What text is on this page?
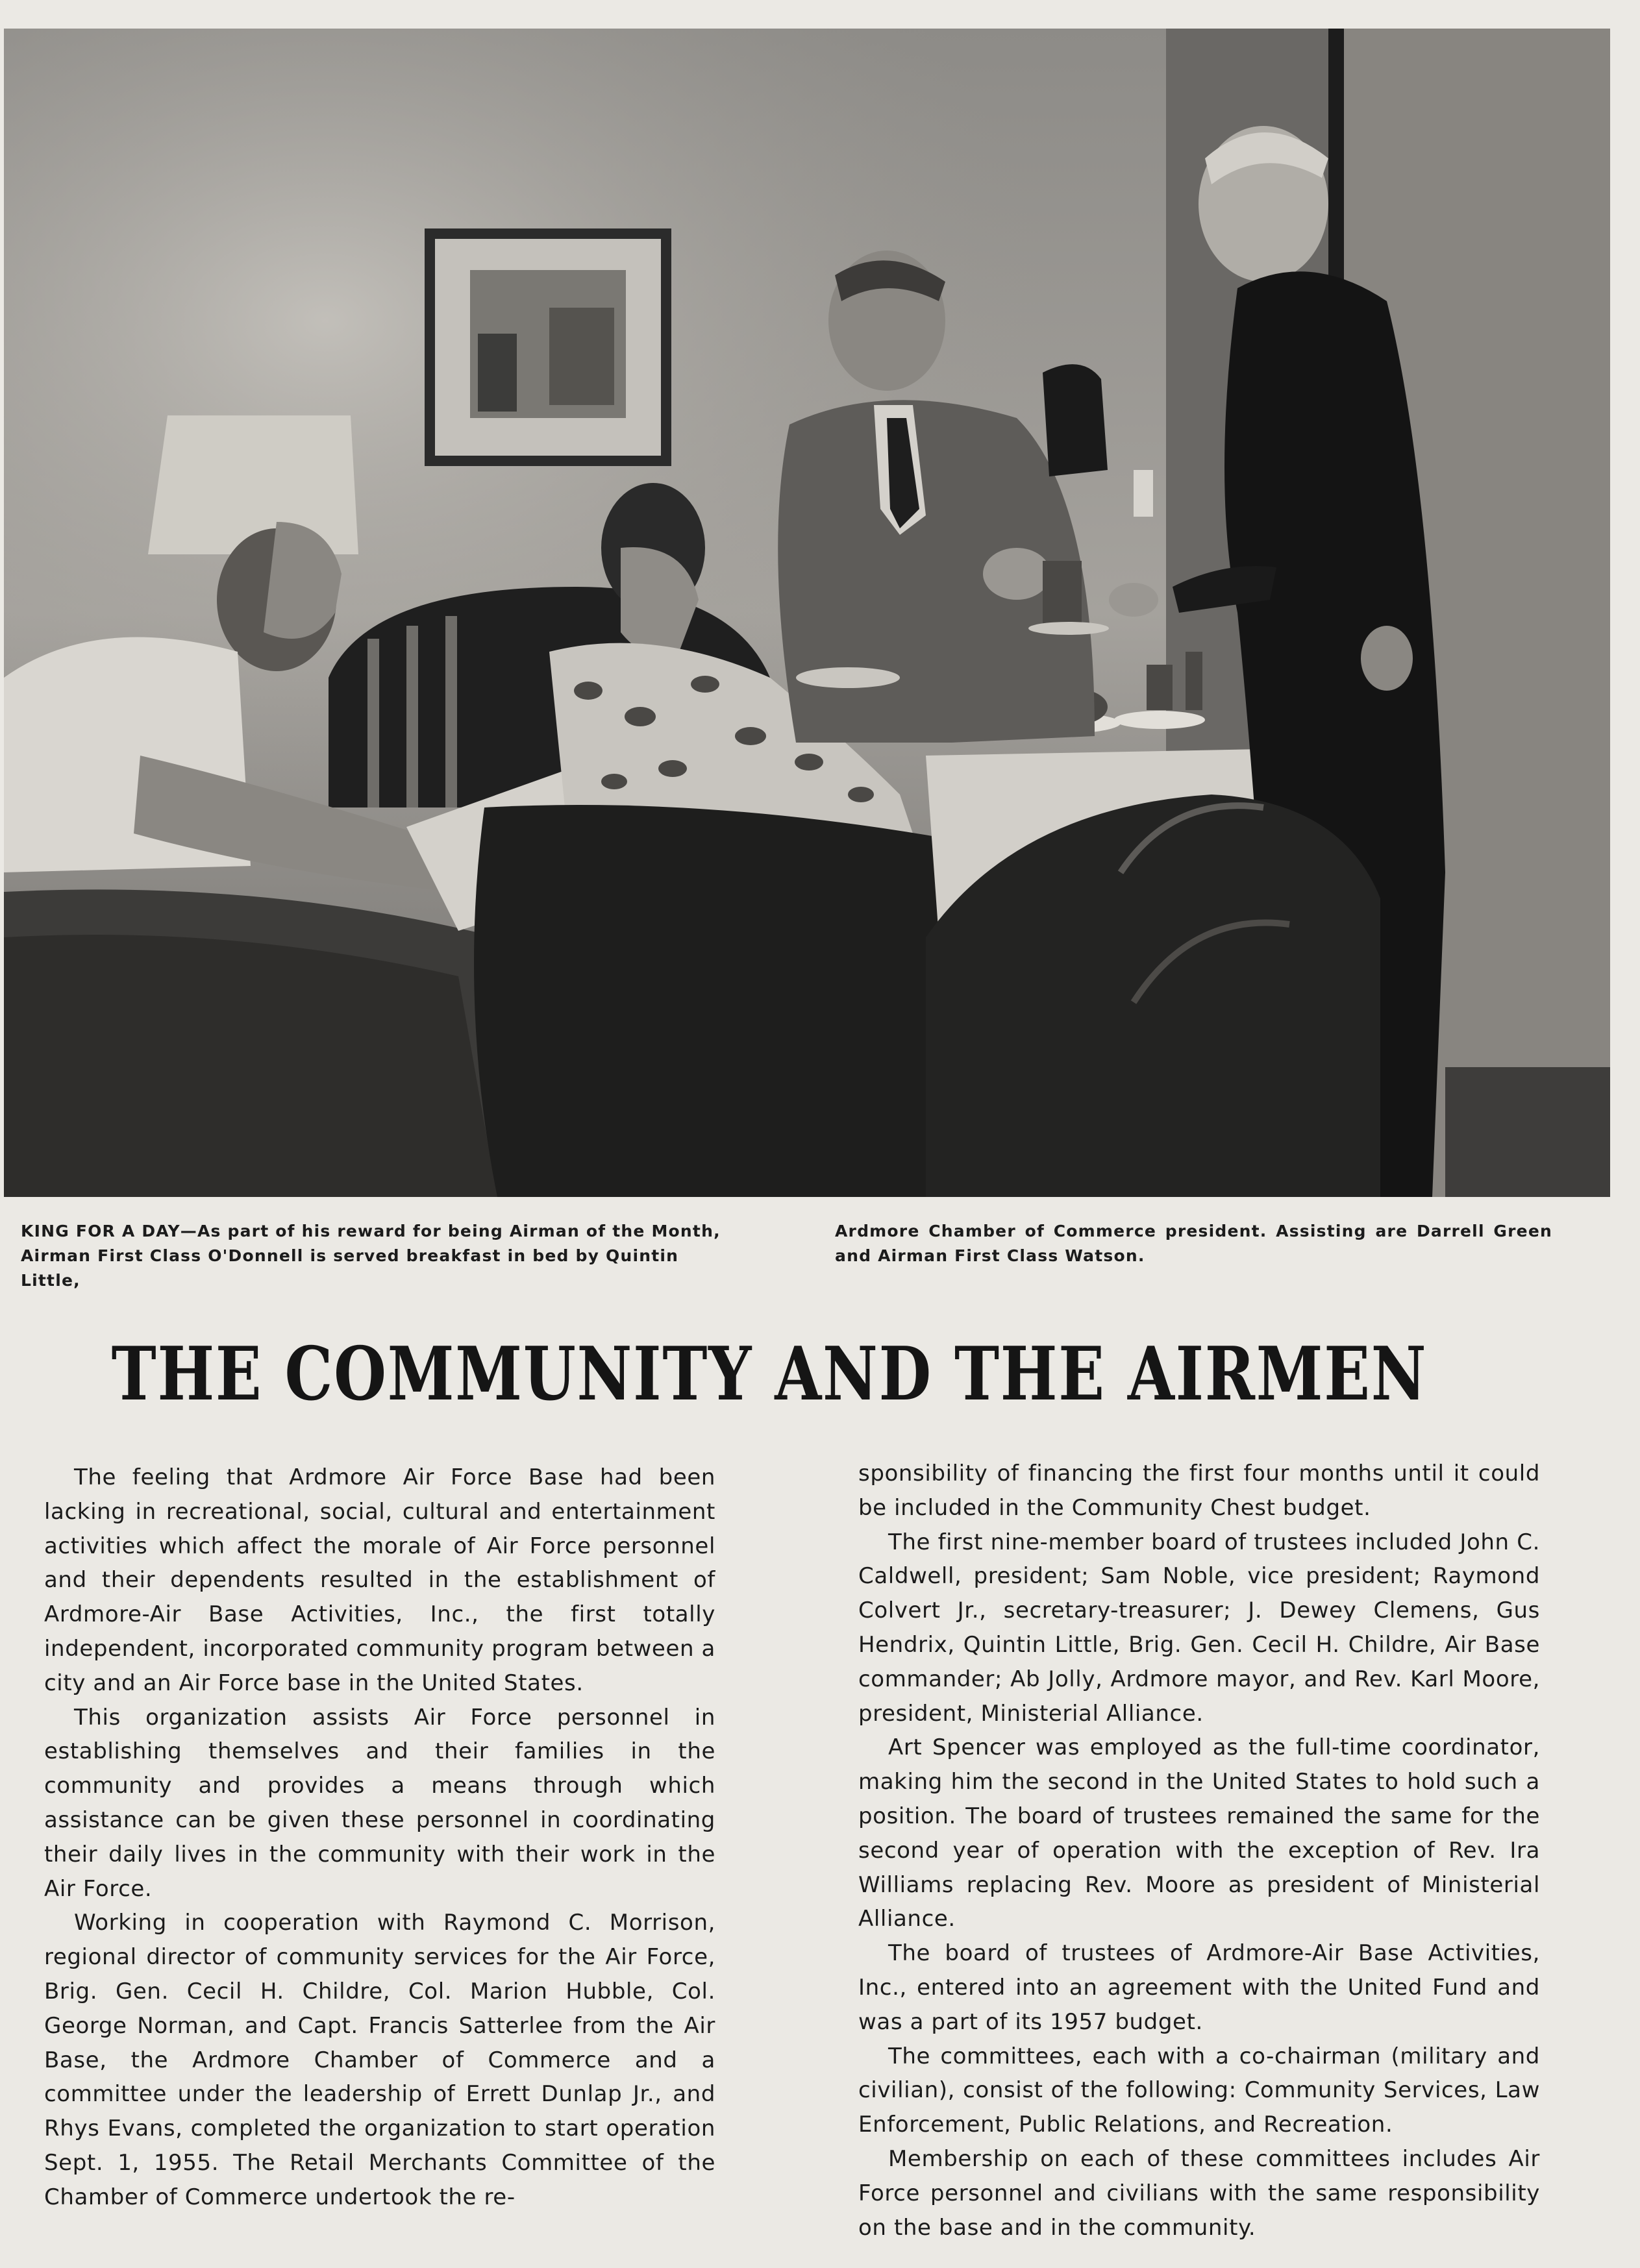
KING FOR A DAY—As part of his reward for being Airman of the Month, Airman First Class O'Donnell is served breakfast in bed by Quintin Little,
Ardmore Chamber of Commerce president. Assisting are Darrell Green and Airman First Class Watson.
THE COMMUNITY AND THE AIRMEN

The feeling that Ardmore Air Force Base had been lacking in recreational, social, cultural and entertainment activities which affect the morale of Air Force personnel and their dependents resulted in the establishment of Ardmore-Air Base Activities, Inc., the first totally independent, incorporated community program between a city and an Air Force base in the United States.

This organization assists Air Force personnel in establishing themselves and their families in the community and provides a means through which assistance can be given these personnel in coordinating their daily lives in the community with their work in the Air Force.

Working in cooperation with Raymond C. Morrison, regional director of community services for the Air Force, Brig. Gen. Cecil H. Childre, Col. Marion Hubble, Col. George Norman, and Capt. Francis Satterlee from the Air Base, the Ardmore Chamber of Commerce and a committee under the leadership of Errett Dunlap Jr., and Rhys Evans, completed the organization to start operation Sept. 1, 1955. The Retail Merchants Committee of the Chamber of Commerce undertook the re-

sponsibility of financing the first four months until it could be included in the Community Chest budget.

The first nine-member board of trustees included John C. Caldwell, president; Sam Noble, vice president; Raymond Colvert Jr., secretary-treasurer; J. Dewey Clemens, Gus Hendrix, Quintin Little, Brig. Gen. Cecil H. Childre, Air Base commander; Ab Jolly, Ardmore mayor, and Rev. Karl Moore, president, Ministerial Alliance.

Art Spencer was employed as the full-time coordinator, making him the second in the United States to hold such a position. The board of trustees remained the same for the second year of operation with the exception of Rev. Ira Williams replacing Rev. Moore as president of Ministerial Alliance.

The board of trustees of Ardmore-Air Base Activities, Inc., entered into an agreement with the United Fund and was a part of its 1957 budget.

The committees, each with a co-chairman (military and civilian), consist of the following: Community Services, Law Enforcement, Public Relations, and Recreation.

Membership on each of these committees includes Air Force personnel and civilians with the same responsibility on the base and in the community.
